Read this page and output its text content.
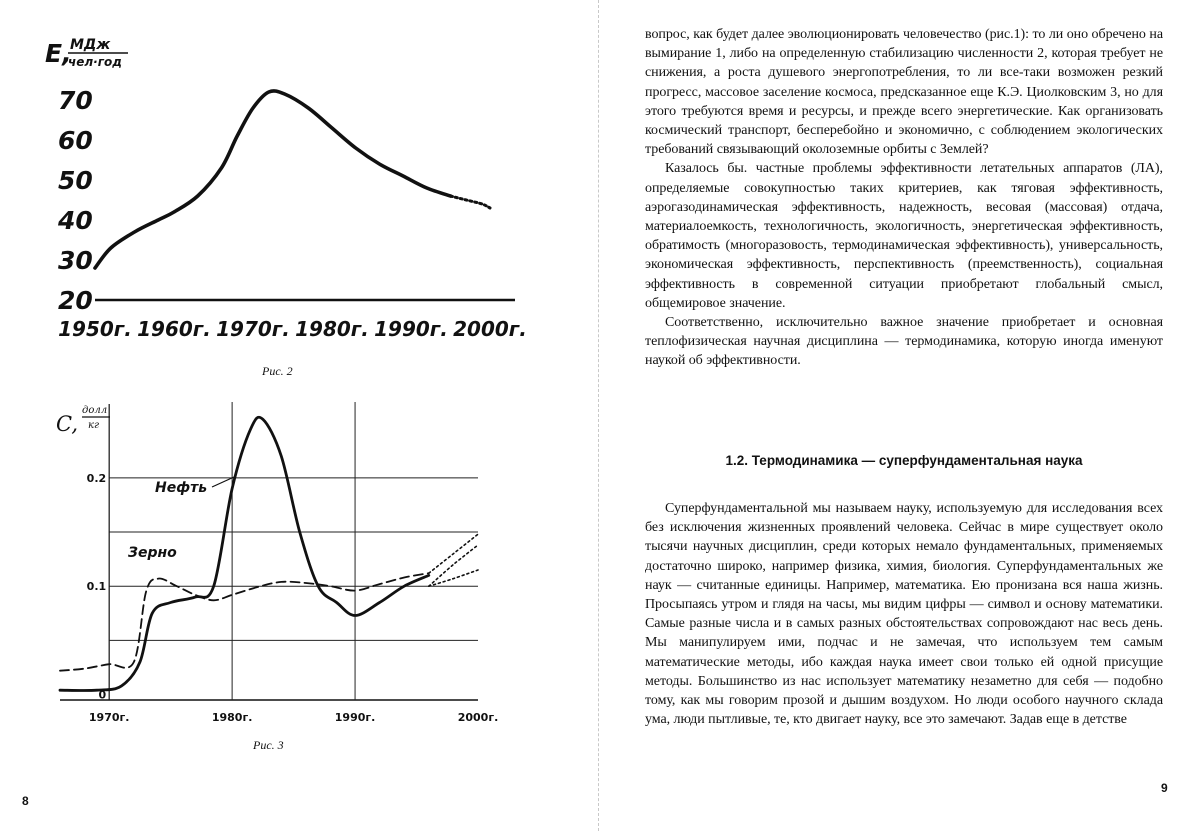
E,
МДж
чел·год
20
30
40
50
60
70
1950г. 1960г. 1970г. 1980г. 1990г. 2000г.
Рис. 2
C,
долл
кг
0
0.1
0.2
1970г.	1980г.	1990г.	2000г.
Нефть
Зерно
Рис. 3
8

вопрос, как будет далее эволюционировать человечество (рис.1): то ли оно обречено на вымирание 1, либо на определенную стабилизацию численности 2, которая требует не снижения, а роста душевого энергопотребления, то ли все-таки возможен резкий прогресс, массовое заселение космоса, предсказанное еще К.Э. Циолковским 3, но для этого требуются время и ресурсы, и прежде всего энергетические. Как организовать космический транспорт, бесперебойно и экономично, с соблюдением экологических требований связывающий околоземные орбиты с Землей?

Казалось бы. частные проблемы эффективности летательных аппаратов (ЛА), определяемые совокупностью таких критериев, как тяговая эффективность, аэрогазодинамическая эффективность, надежность, весовая (массовая) отдача, материалоемкость, технологичность, экологичность, энергетическая эффективность, обратимость (многоразовость, термодинамическая эффективность), универсальность, экономическая эффективность, перспективность (преемственность), социальная эффективность в современной ситуации приобретают глобальный смысл, общемировое значение.

Соответственно, исключительно важное значение приобретает и основная теплофизическая научная дисциплина — термодинамика, которую иногда именуют наукой об эффективности.

1.2. Термодинамика — суперфундаментальная наука

Суперфундаментальной мы называем науку, используемую для исследования всех без исключения жизненных проявлений человека. Сейчас в мире существует около тысячи научных дисциплин, среди которых немало фундаментальных, применяемых достаточно широко, например физика, химия, биология. Суперфундаментальных же наук — считанные единицы. Например, математика. Ею пронизана вся наша жизнь. Просыпаясь утром и глядя на часы, мы видим цифры — символ и основу математики. Самые разные числа и в самых разных обстоятельствах сопровождают нас весь день. Мы манипулируем ими, подчас и не замечая, что используем тем самым математические методы, ибо каждая наука имеет свои только ей одной присущие методы. Большинство из нас использует математику незаметно для себя — подобно тому, как мы говорим прозой и дышим воздухом. Но люди особого научного склада ума, люди пытливые, те, кто двигает науку, все это замечают. Задав еще в детстве

9
